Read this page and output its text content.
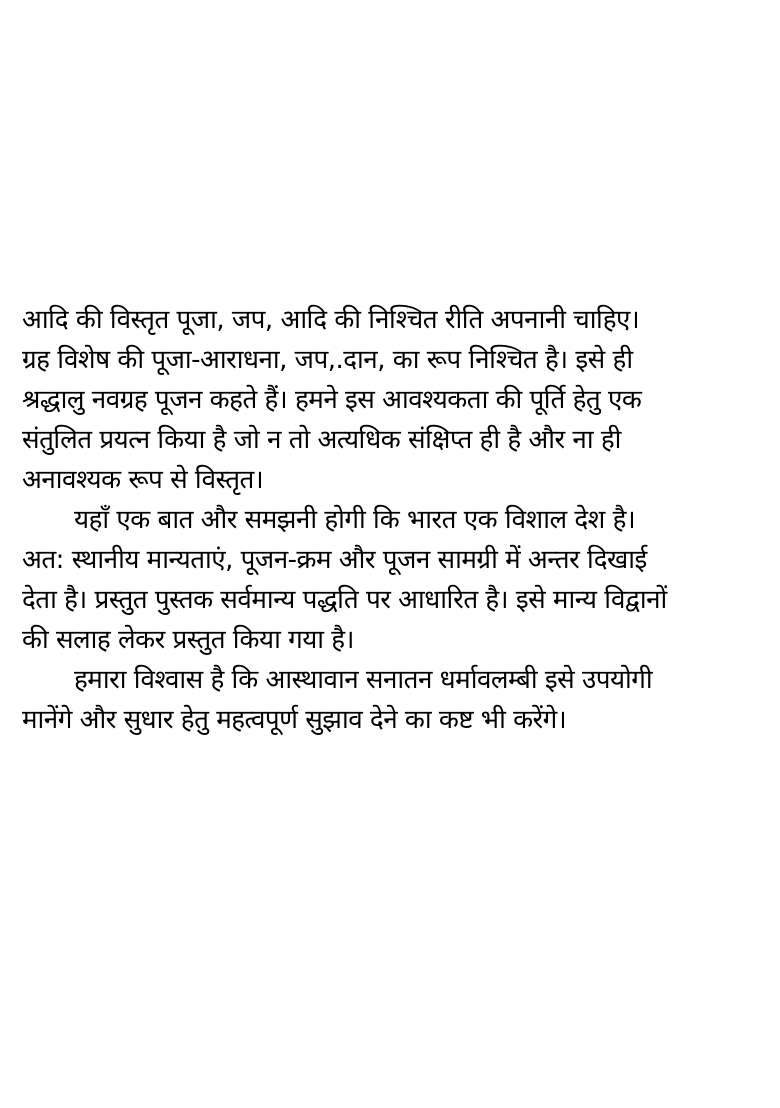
आदि की विस्तृत पूजा, जप, आदि की निश्चित रीति अपनानी चाहिए।
ग्रह विशेष की पूजा-आराधना, जप,.दान, का रूप निश्चित है। इसे ही
श्रद्धालु नवग्रह पूजन कहते हैं। हमने इस आवश्यकता की पूर्ति हेतु एक
संतुलित प्रयत्न किया है जो न तो अत्यधिक संक्षिप्त ही है और ना ही
अनावश्यक रूप से विस्तृत।
यहाँ एक बात और समझनी होगी कि भारत एक विशाल देश है।
अत: स्थानीय मान्यताएं, पूजन-क्रम और पूजन सामग्री में अन्तर दिखाई
देता है। प्रस्तुत पुस्तक सर्वमान्य पद्धति पर आधारित है। इसे मान्य विद्वानों
की सलाह लेकर प्रस्तुत किया गया है।
हमारा विश्वास है कि आस्थावान सनातन धर्मावलम्बी इसे उपयोगी
मानेंगे और सुधार हेतु महत्वपूर्ण सुझाव देने का कष्ट भी करेंगे।
